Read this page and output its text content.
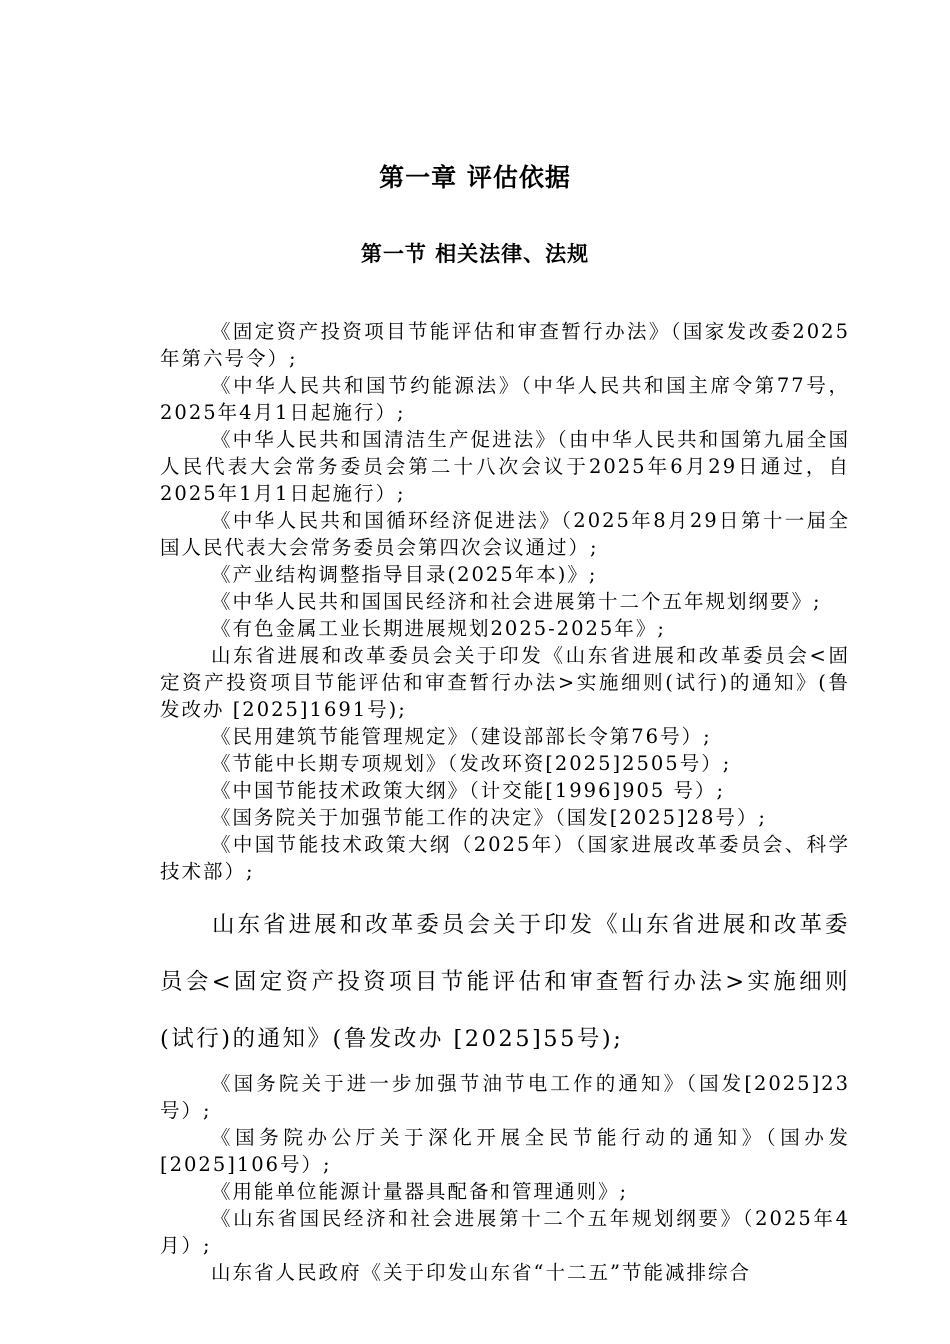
第一章 评估依据
第一节 相关法律、法规

《固定资产投资项目节能评估和审查暂行办法》（国家发改委2025年第六号令）;

《中华人民共和国节约能源法》（中华人民共和国主席令第77号，2025年4月1日起施行）;

《中华人民共和国清洁生产促进法》（由中华人民共和国第九届全国人民代表大会常务委员会第二十八次会议于2025年6月29日通过，自2025年1月1日起施行）;

《中华人民共和国循环经济促进法》（2025年8月29日第十一届全国人民代表大会常务委员会第四次会议通过）;

《产业结构调整指导目录(2025年本)》;

《中华人民共和国国民经济和社会进展第十二个五年规划纲要》;

《有色金属工业长期进展规划2025-2025年》;

山东省进展和改革委员会关于印发《山东省进展和改革委员会<固定资产投资项目节能评估和审查暂行办法>实施细则(试行)的通知》(鲁发改办 [2025]1691号);

《民用建筑节能管理规定》（建设部部长令第76号）;

《节能中长期专项规划》（发改环资[2025]2505号）;

《中国节能技术政策大纲》（计交能[1996]905 号）;

《国务院关于加强节能工作的决定》（国发[2025]28号）;

《中国节能技术政策大纲（2025年）（国家进展改革委员会、科学技术部）;

山东省进展和改革委员会关于印发《山东省进展和改革委员会<固定资产投资项目节能评估和审查暂行办法>实施细则(试行)的通知》(鲁发改办 [2025]55号);

《国务院关于进一步加强节油节电工作的通知》（国发[2025]23号）;

《国务院办公厅关于深化开展全民节能行动的通知》（国办发[2025]106号）;

《用能单位能源计量器具配备和管理通则》;

《山东省国民经济和社会进展第十二个五年规划纲要》（2025年4月）;

山东省人民政府《关于印发山东省“十二五”节能减排综合
